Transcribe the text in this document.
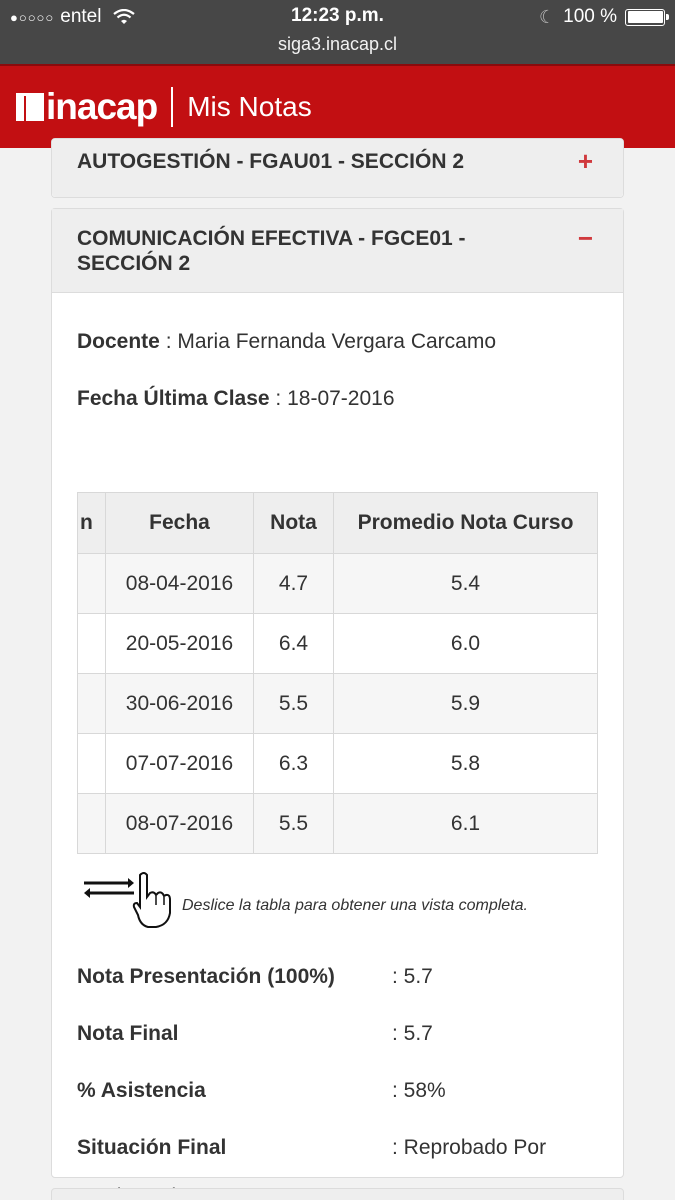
●○○○○ entel	12:23 p.m.	☾ 100 %
siga3.inacap.cl
inacap Mis Notas
AUTOGESTIÓN - FGAU01 - SECCIÓN 2	+
COMUNICACIÓN EFECTIVA - FGCE01 -
SECCIÓN 2
−
Docente : Maria Fernanda Vergara Carcamo
Fecha Última Clase : 18-07-2016
n	Fecha	Nota	Promedio Nota Curso
	08-04-2016	4.7	5.4
	20-05-2016	6.4	6.0
	30-06-2016	5.5	5.9
	07-07-2016	6.3	5.8
	08-07-2016	5.5	6.1
Deslice la tabla para obtener una vista completa.
Nota Presentación (100%)	: 5.7
Nota Final	: 5.7
% Asistencia	: 58%
Situación Final	: Reprobado Por
